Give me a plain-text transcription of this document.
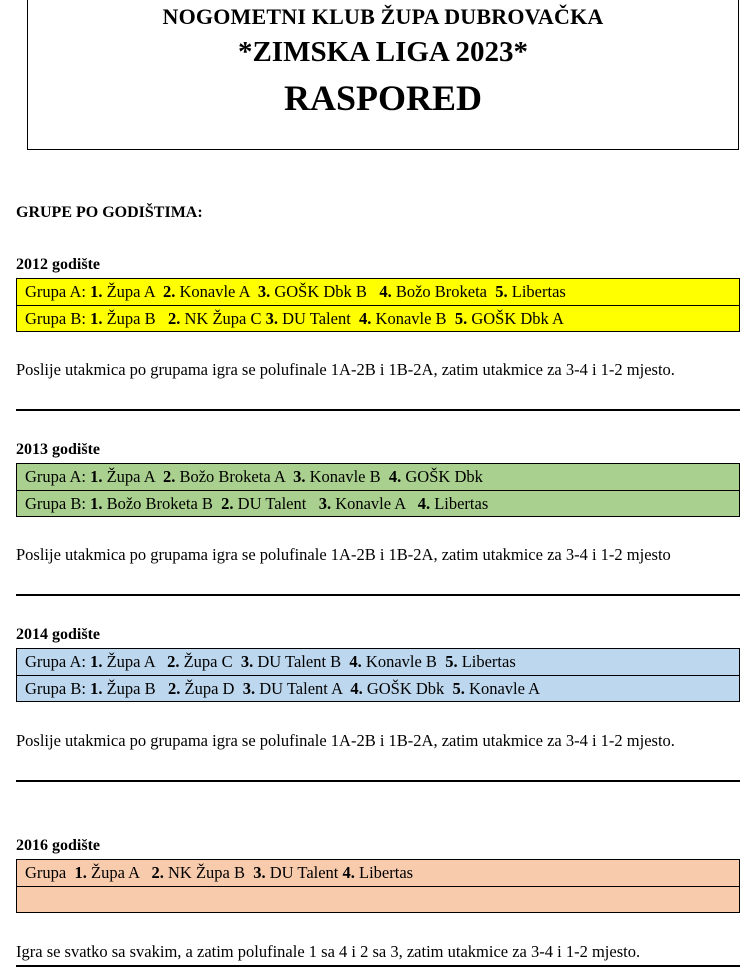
NOGOMETNI KLUB ŽUPA DUBROVAČKA
*ZIMSKA LIGA 2023*
RASPORED
GRUPE PO GODIŠTIMA:
2012 godište
Grupa A: 1. Župa A  2. Konavle A  3. GOŠK Dbk B   4. Božo Broketa  5. Libertas
Grupa B: 1. Župa B   2. NK Župa C 3. DU Talent  4. Konavle B  5. GOŠK Dbk A
Poslije utakmica po grupama igra se polufinale 1A-2B i 1B-2A, zatim utakmice za 3-4 i 1-2 mjesto.
2013 godište
Grupa A: 1. Župa A  2. Božo Broketa A  3. Konavle B  4. GOŠK Dbk
Grupa B: 1. Božo Broketa B  2. DU Talent   3. Konavle A   4. Libertas
Poslije utakmica po grupama igra se polufinale 1A-2B i 1B-2A, zatim utakmice za 3-4 i 1-2 mjesto
2014 godište
Grupa A: 1. Župa A   2. Župa C  3. DU Talent B  4. Konavle B  5. Libertas
Grupa B: 1. Župa B   2. Župa D  3. DU Talent A  4. GOŠK Dbk  5. Konavle A
Poslije utakmica po grupama igra se polufinale 1A-2B i 1B-2A, zatim utakmice za 3-4 i 1-2 mjesto.
2016 godište
Grupa  1. Župa A   2. NK Župa B  3. DU Talent 4. Libertas
Igra se svatko sa svakim, a zatim polufinale 1 sa 4 i 2 sa 3, zatim utakmice za 3-4 i 1-2 mjesto.
